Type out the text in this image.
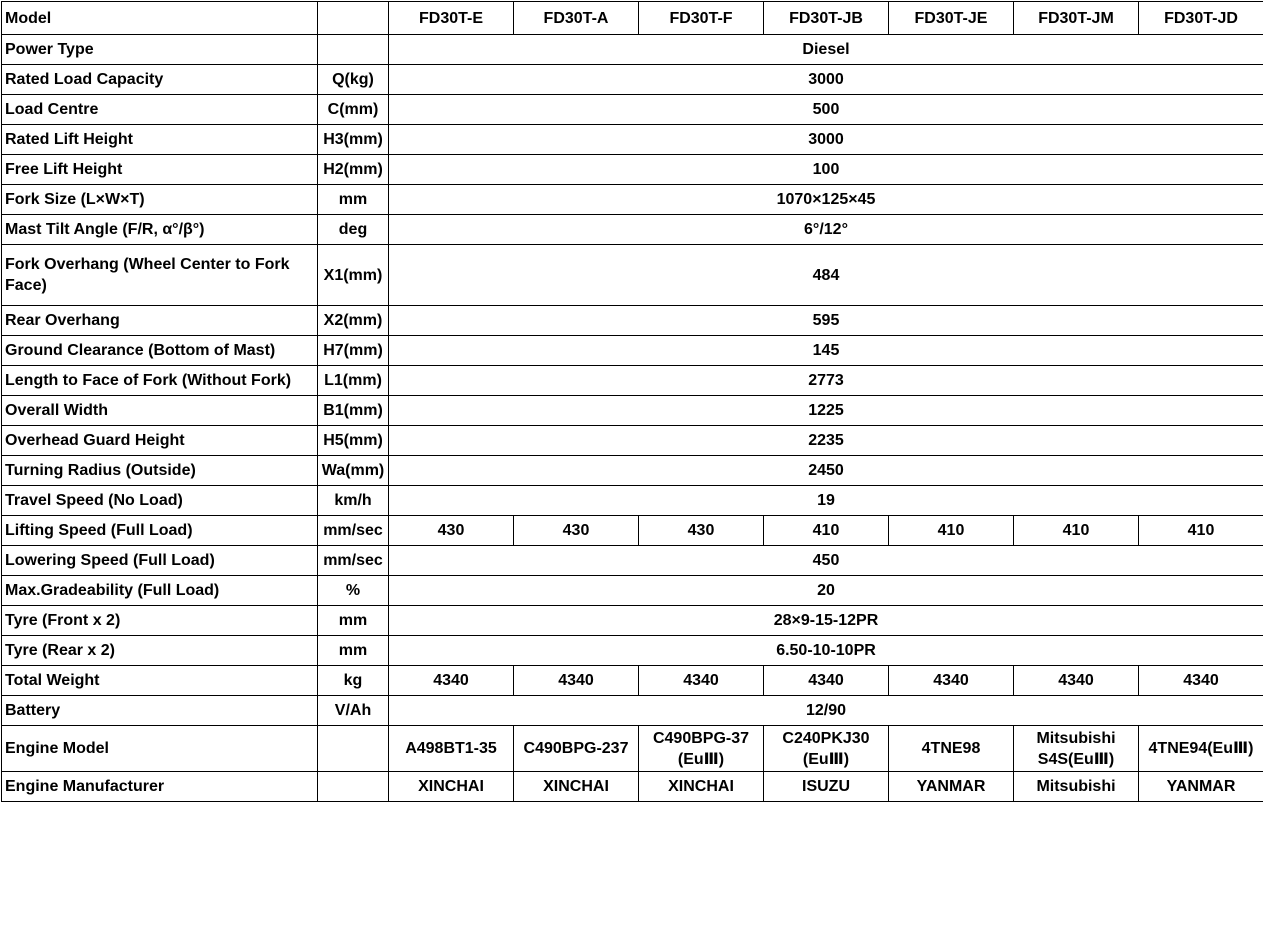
Model		FD30T-E	FD30T-A	FD30T-F	FD30T-JB	FD30T-JE	FD30T-JM	FD30T-JD
Power Type		Diesel						
Rated Load Capacity	Q(kg)	3000						
Load Centre	C(mm)	500						
Rated Lift Height	H3(mm)	3000						
Free Lift Height	H2(mm)	100						
Fork Size (L×W×T)	mm	1070×125×45						
Mast Tilt Angle (F/R, α°/β°)	deg	6°/12°						
Fork Overhang (Wheel Center to Fork Face)	X1(mm)	484						
Rear Overhang	X2(mm)	595						
Ground Clearance (Bottom of Mast)	H7(mm)	145						
Length to Face of Fork (Without Fork)	L1(mm)	2773						
Overall Width	B1(mm)	1225						
Overhead Guard Height	H5(mm)	2235						
Turning Radius (Outside)	Wa(mm)	2450						
Travel Speed (No Load)	km/h	19						
Lifting Speed (Full Load)	mm/sec	430	430	430	410	410	410	410
Lowering Speed (Full Load)	mm/sec	450						
Max.Gradeability (Full Load)	%	20						
Tyre (Front x 2)	mm	28×9-15-12PR						
Tyre (Rear x 2)	mm	6.50-10-10PR						
Total Weight	kg	4340	4340	4340	4340	4340	4340	4340
Battery	V/Ah	12/90						
Engine Model		A498BT1-35	C490BPG-237	C490BPG-37 (EuⅢ)	C240PKJ30 (EuⅢ)	4TNE98	Mitsubishi S4S(EuⅢ)	4TNE94(EuⅢ)
Engine Manufacturer		XINCHAI	XINCHAI	XINCHAI	ISUZU	YANMAR	Mitsubishi	YANMAR
